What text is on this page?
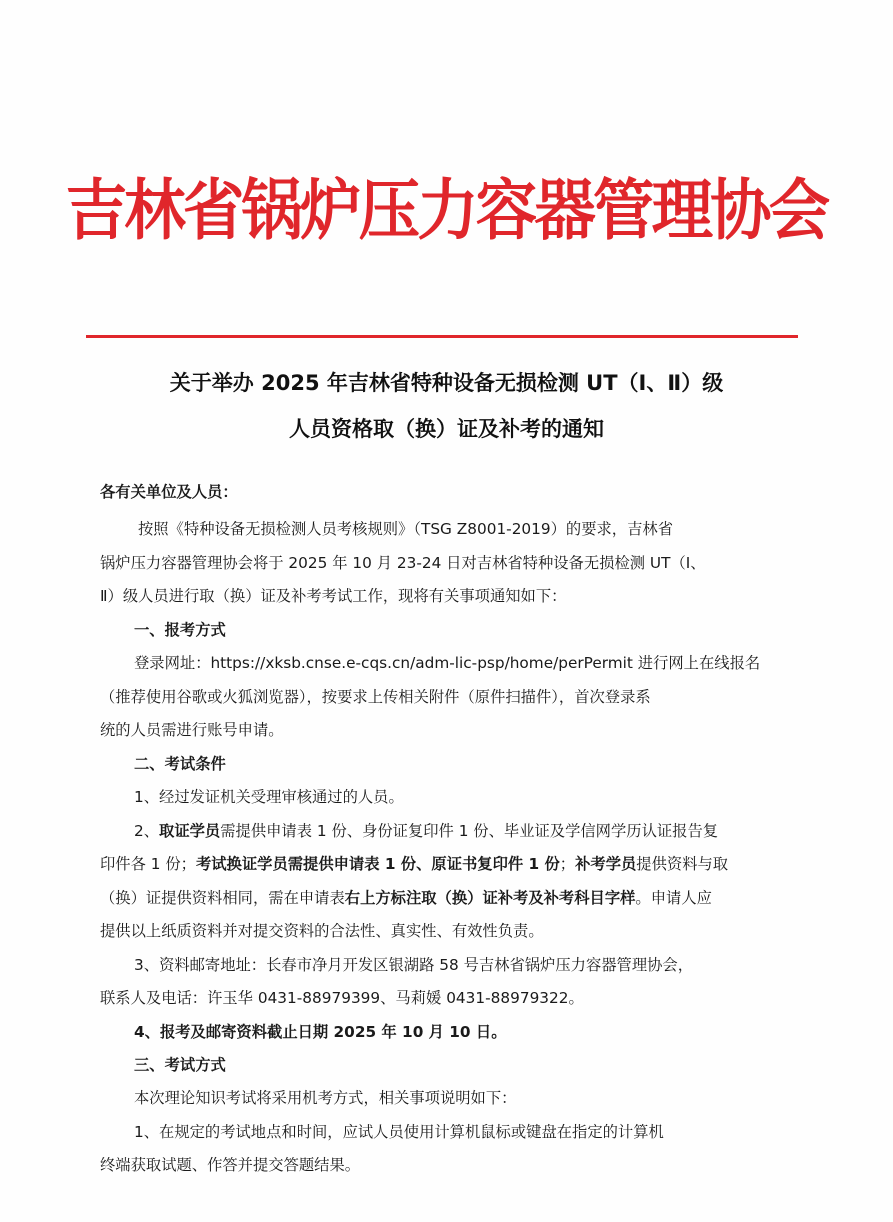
吉林省锅炉压力容器管理协会
关于举办 2025 年吉林省特种设备无损检测 UT（Ⅰ、Ⅱ）级
人员资格取（换）证及补考的通知
各有关单位及人员：
按照《特种设备无损检测人员考核规则》（TSG Z8001-2019）的要求，吉林省
锅炉压力容器管理协会将于 2025 年 10 月 23-24 日对吉林省特种设备无损检测 UT（Ⅰ、
Ⅱ）级人员进行取（换）证及补考考试工作，现将有关事项通知如下：
一、报考方式
登录网址：https://xksb.cnse.e-cqs.cn/adm-lic-psp/home/perPermit 进行网上在线报名
（推荐使用谷歌或火狐浏览器），按要求上传相关附件（原件扫描件），首次登录系
统的人员需进行账号申请。
二、考试条件
1、经过发证机关受理审核通过的人员。
2、取证学员需提供申请表 1 份、身份证复印件 1 份、毕业证及学信网学历认证报告复
印件各 1 份；考试换证学员需提供申请表 1 份、原证书复印件 1 份；补考学员提供资料与取
（换）证提供资料相同，需在申请表右上方标注取（换）证补考及补考科目字样。申请人应
提供以上纸质资料并对提交资料的合法性、真实性、有效性负责。
3、资料邮寄地址：长春市净月开发区银湖路 58 号吉林省锅炉压力容器管理协会，
联系人及电话：许玉华 0431-88979399、马莉媛 0431-88979322。
4、报考及邮寄资料截止日期 2025 年 10 月 10 日。
三、考试方式
本次理论知识考试将采用机考方式，相关事项说明如下：
1、在规定的考试地点和时间，应试人员使用计算机鼠标或键盘在指定的计算机
终端获取试题、作答并提交答题结果。
